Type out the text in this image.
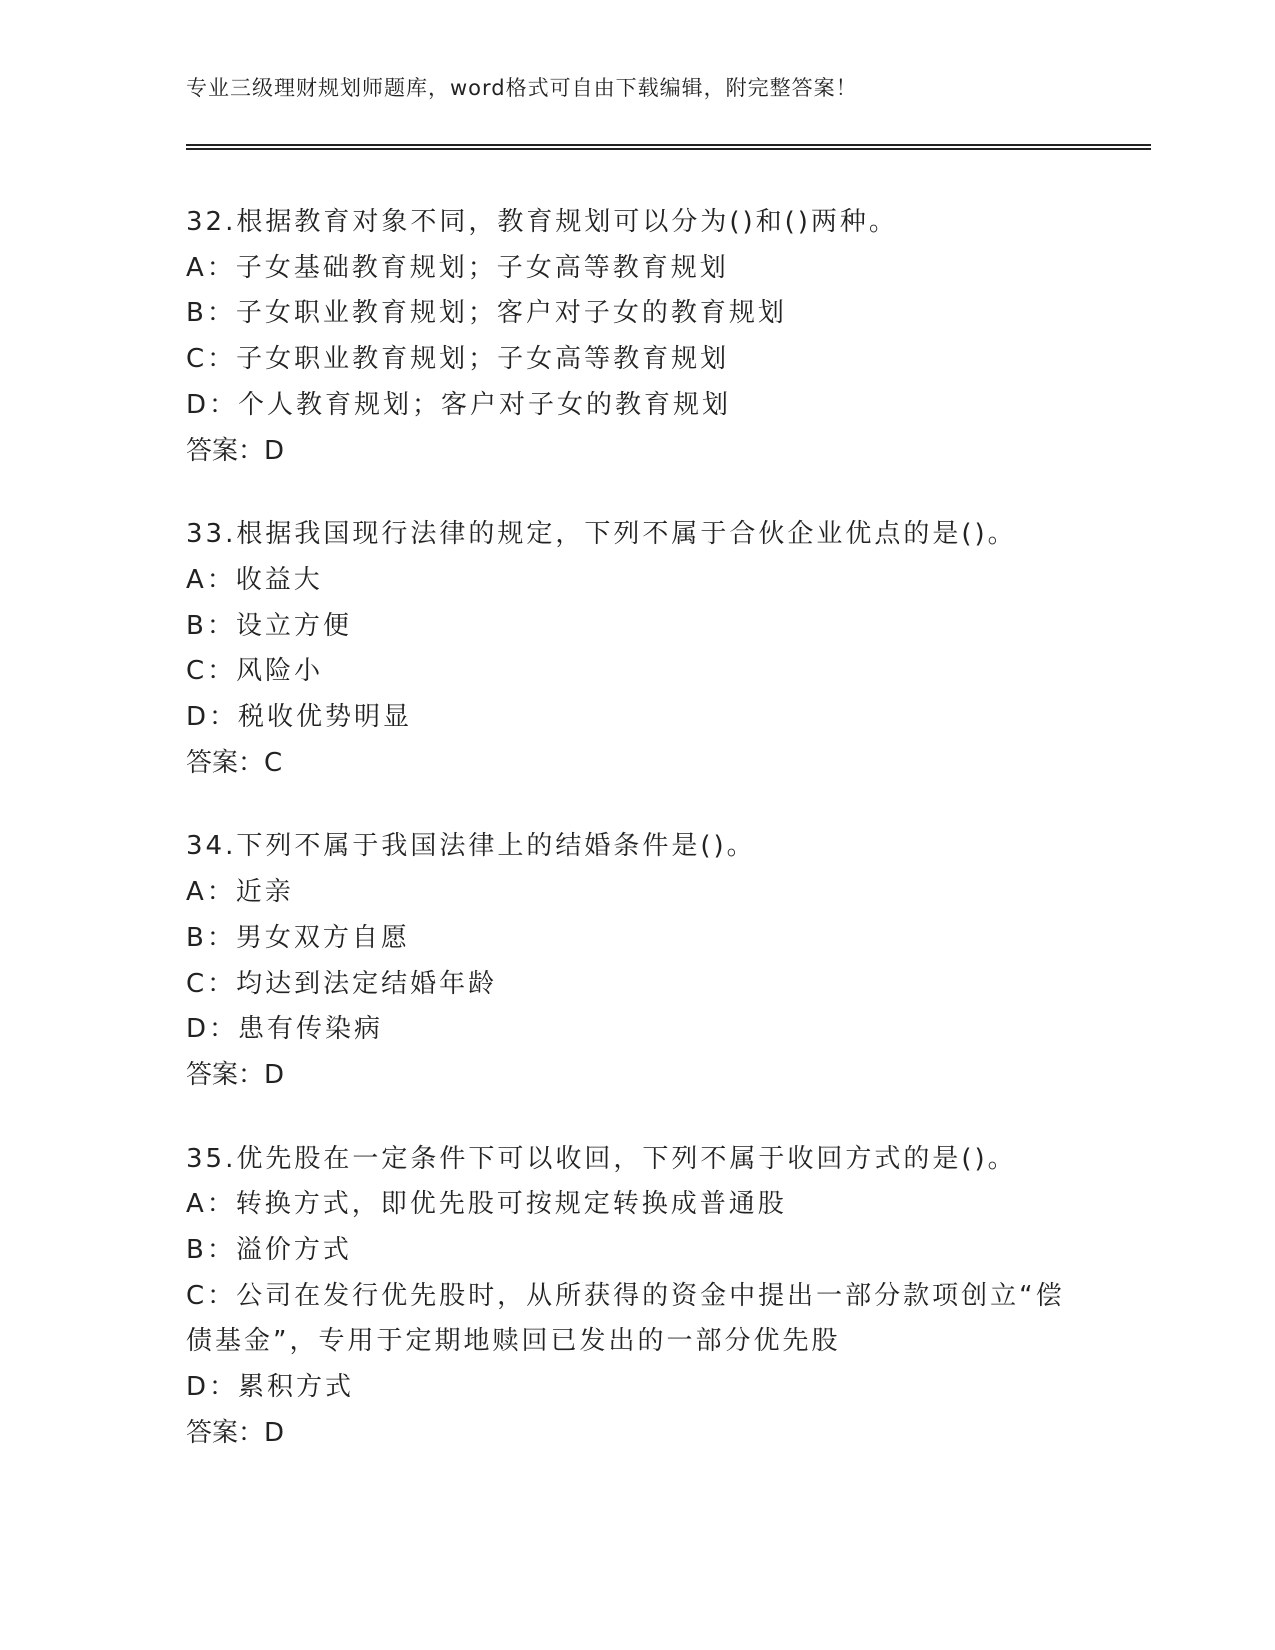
专业三级理财规划师题库，word格式可自由下载编辑，附完整答案！
32.根据教育对象不同，教育规划可以分为()和()两种。
A：子女基础教育规划；子女高等教育规划
B：子女职业教育规划；客户对子女的教育规划
C：子女职业教育规划；子女高等教育规划
D：个人教育规划；客户对子女的教育规划
答案：D
33.根据我国现行法律的规定，下列不属于合伙企业优点的是()。
A：收益大
B：设立方便
C：风险小
D：税收优势明显
答案：C
34.下列不属于我国法律上的结婚条件是()。
A：近亲
B：男女双方自愿
C：均达到法定结婚年龄
D：患有传染病
答案：D
35.优先股在一定条件下可以收回，下列不属于收回方式的是()。
A：转换方式，即优先股可按规定转换成普通股
B：溢价方式
C：公司在发行优先股时，从所获得的资金中提出一部分款项创立“偿债基金”，专用于定期地赎回已发出的一部分优先股
D：累积方式
答案：D
